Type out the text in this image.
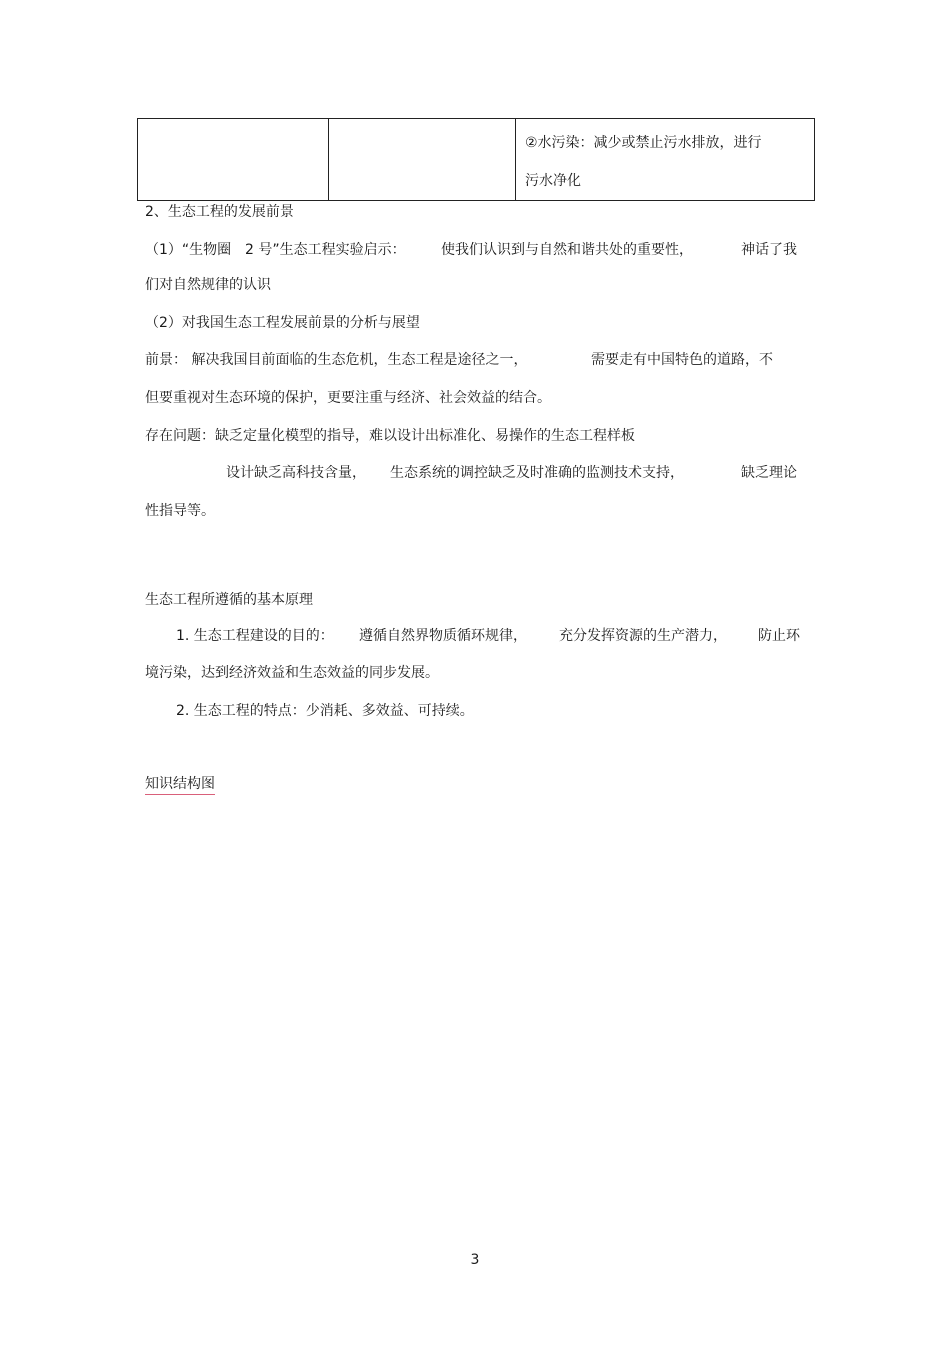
②水污染：减少或禁止污水排放，进行
污水净化
2、生态工程的发展前景
（1）“生物圈 2 号”生态工程实验启示：	使我们认识到与自然和谐共处的重要性，	神话了我
们对自然规律的认识
（2）对我国生态工程发展前景的分析与展望
前景： 解决我国目前面临的生态危机，生态工程是途径之一，	需要走有中国特色的道路，不
但要重视对生态环境的保护，更要注重与经济、社会效益的结合。
存在问题：缺乏定量化模型的指导，难以设计出标准化、易操作的生态工程样板
设计缺乏高科技含量， 生态系统的调控缺乏及时准确的监测技术支持，	缺乏理论
性指导等。
生态工程所遵循的基本原理
1. 生态工程建设的目的： 遵循自然界物质循环规律， 充分发挥资源的生产潜力， 防止环
境污染，达到经济效益和生态效益的同步发展。
2. 生态工程的特点：少消耗、多效益、可持续。
知识结构图
3
